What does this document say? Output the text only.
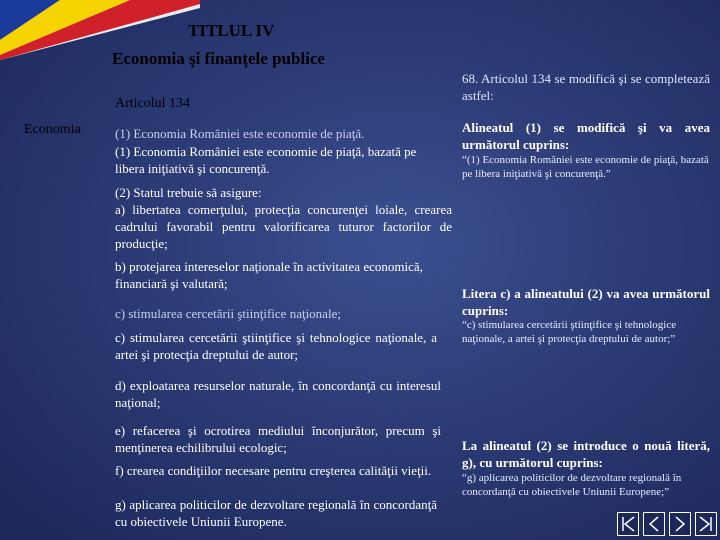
TITLUL IV
Economia şi finanţele publice
Articolul 134
Economia	(1) Economia României este economie de piaţă.
(1) Economia României este economie de piaţă, bazată pe libera iniţiativă şi concurenţă.
(2) Statul trebuie să asigure:
a) libertatea comerţului, protecţia concurenţei loiale, crearea cadrului favorabil pentru valorificarea tuturor factorilor de producţie;
b) protejarea intereselor naţionale în activitatea economică, financiară şi valutară;
c) stimularea cercetării ştiinţifice naţionale;
c) stimularea cercetării ştiinţifice şi tehnologice naţionale, a artei şi protecţia dreptului de autor;
d) exploatarea resurselor naturale, în concordanţă cu interesul naţional;
e) refacerea şi ocrotirea mediului înconjurător, precum şi menţinerea echilibrului ecologic;
f) crearea condiţiilor necesare pentru creşterea calităţii vieţii.
g) aplicarea politicilor de dezvoltare regională în concordanţă cu obiectivele Uniunii Europene.
68. Articolul 134 se modifică şi se completează astfel:
Alineatul (1) se modifică şi va avea următorul cuprins:
“(1) Economia României este economie de piaţă, bazată pe libera iniţiativă şi concurenţă.”
Litera c) a alineatului (2) va avea următorul cuprins:
“c) stimularea cercetării ştiinţifice şi tehnologice naţionale, a artei şi protecţia dreptului de autor;”
La alineatul (2) se introduce o nouă literă, g), cu următorul cuprins:
“g) aplicarea politicilor de dezvoltare regională în concordanţă cu obiectivele Uniunii Europene;”
